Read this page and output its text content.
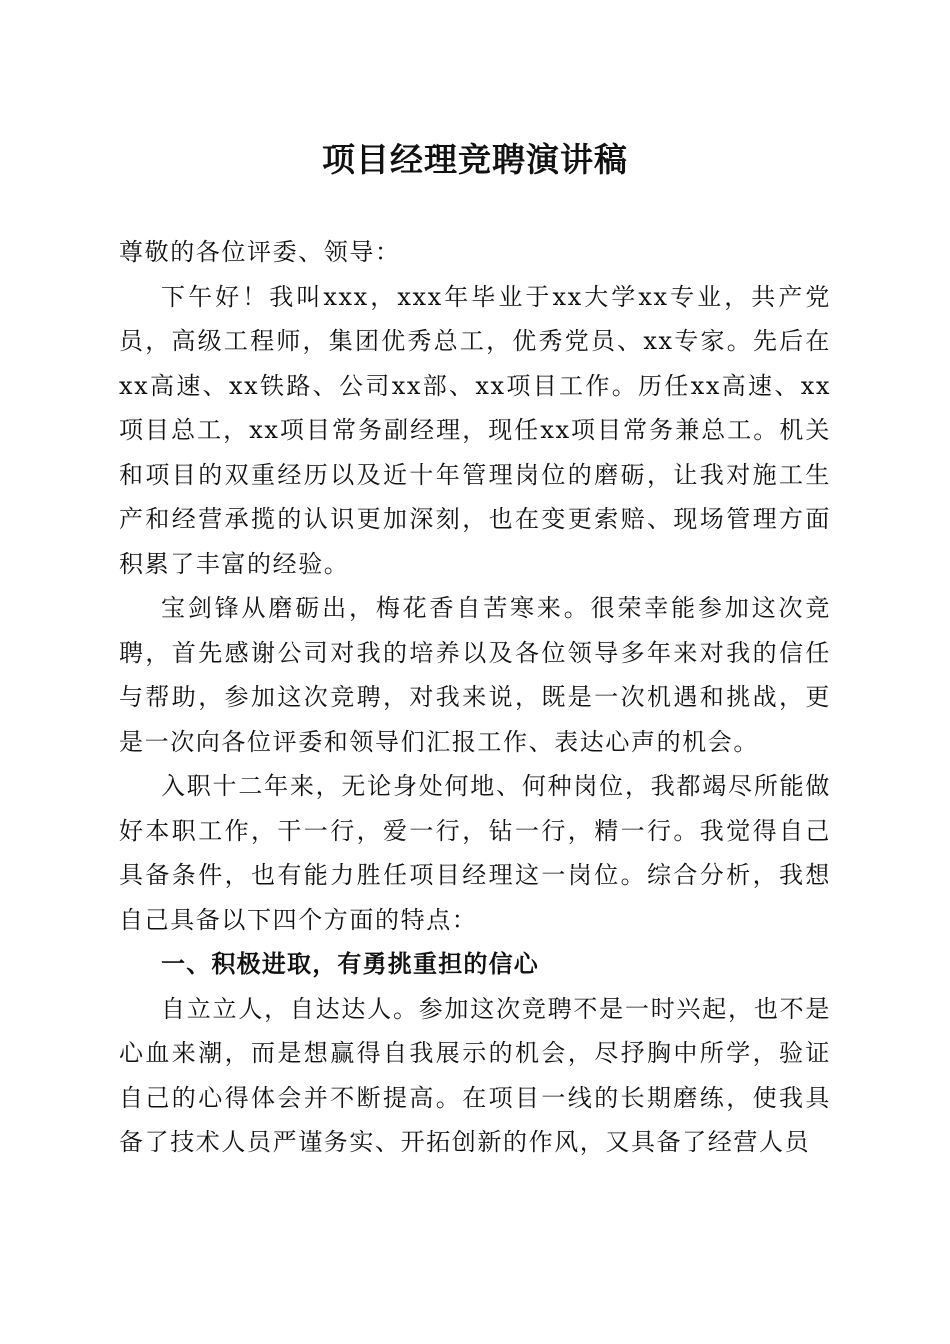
项目经理竞聘演讲稿

尊敬的各位评委、领导：

下午好！我叫xxx，xxx年毕业于xx大学xx专业，共产党员，高级工程师，集团优秀总工，优秀党员、xx专家。先后在xx高速、xx铁路、公司xx部、xx项目工作。历任xx高速、xx项目总工，xx项目常务副经理，现任xx项目常务兼总工。机关和项目的双重经历以及近十年管理岗位的磨砺，让我对施工生产和经营承揽的认识更加深刻，也在变更索赔、现场管理方面积累了丰富的经验。

宝剑锋从磨砺出，梅花香自苦寒来。很荣幸能参加这次竞聘，首先感谢公司对我的培养以及各位领导多年来对我的信任与帮助，参加这次竞聘，对我来说，既是一次机遇和挑战，更是一次向各位评委和领导们汇报工作、表达心声的机会。

入职十二年来，无论身处何地、何种岗位，我都竭尽所能做好本职工作，干一行，爱一行，钻一行，精一行。我觉得自己具备条件，也有能力胜任项目经理这一岗位。综合分析，我想自己具备以下四个方面的特点：

一、积极进取，有勇挑重担的信心

自立立人，自达达人。参加这次竞聘不是一时兴起，也不是心血来潮，而是想赢得自我展示的机会，尽抒胸中所学，验证自己的心得体会并不断提高。在项目一线的长期磨练，使我具备了技术人员严谨务实、开拓创新的作风，又具备了经营人员
